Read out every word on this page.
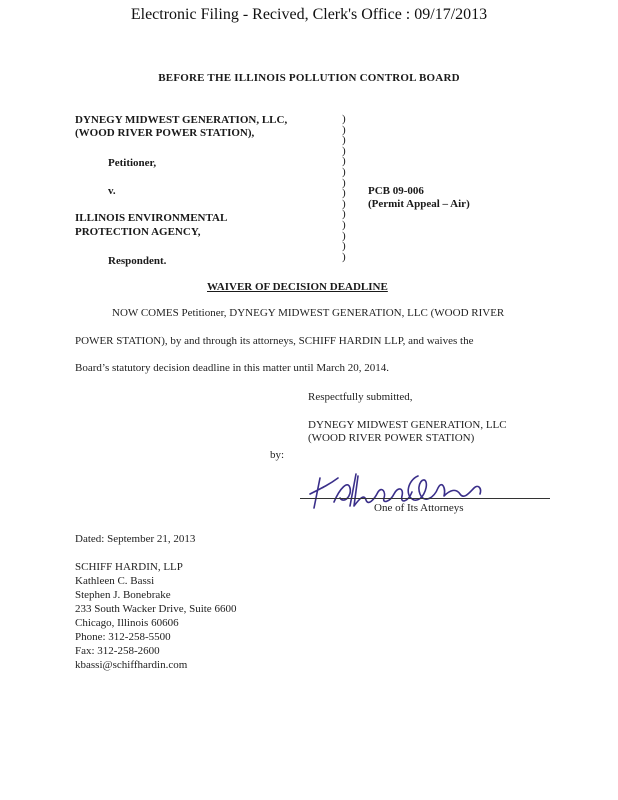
Electronic Filing - Recived, Clerk's Office : 09/17/2013
BEFORE THE ILLINOIS POLLUTION CONTROL BOARD
DYNEGY MIDWEST GENERATION, LLC,
(WOOD RIVER POWER STATION),
Petitioner,
v.
ILLINOIS ENVIRONMENTAL
PROTECTION AGENCY,
Respondent.
)
)
)
)
)
)
)
)
)
)
)
)
)
)
PCB 09-006
(Permit Appeal – Air)
WAIVER OF DECISION DEADLINE
NOW COMES Petitioner, DYNEGY MIDWEST GENERATION, LLC (WOOD RIVER
POWER STATION), by and through its attorneys, SCHIFF HARDIN LLP, and waives the
Board’s statutory decision deadline in this matter until March 20, 2014.
Respectfully submitted,
DYNEGY MIDWEST GENERATION, LLC
(WOOD RIVER POWER STATION)
by:
One of Its Attorneys
Dated: September 21, 2013
SCHIFF HARDIN, LLP
Kathleen C. Bassi
Stephen J. Bonebrake
233 South Wacker Drive, Suite 6600
Chicago, Illinois 60606
Phone: 312-258-5500
Fax: 312-258-2600
kbassi@schiffhardin.com
